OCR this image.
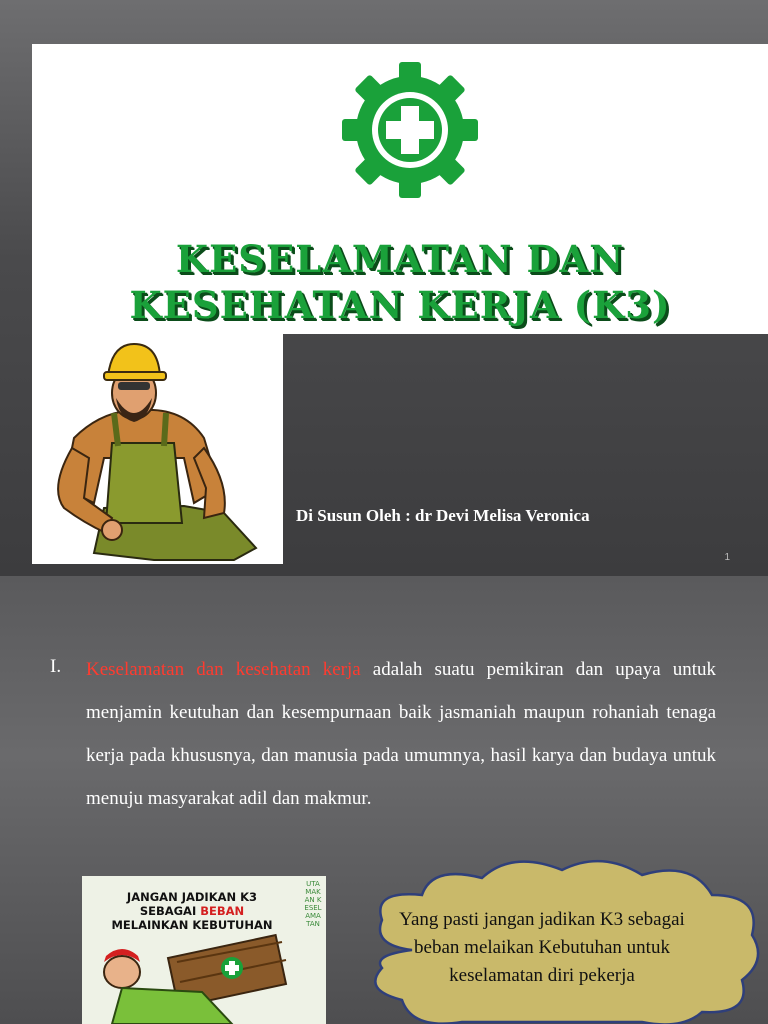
KESELAMATAN DAN
KESEHATAN KERJA (K3)
Di Susun Oleh : dr Devi Melisa Veronica
1
I. Keselamatan dan kesehatan kerja adalah suatu pemikiran dan upaya untuk menjamin keutuhan dan kesempurnaan baik jasmaniah maupun rohaniah tenaga kerja pada khususnya, dan manusia pada umumnya, hasil karya dan budaya untuk menuju masyarakat adil dan makmur.
JANGAN JADIKAN K3
SEBAGAI BEBAN
MELAINKAN KEBUTUHAN
UTAMAKAN KESELAMATAN	Yang pasti jangan jadikan K3 sebagai beban melaikan Kebutuhan untuk keselamatan diri pekerja
